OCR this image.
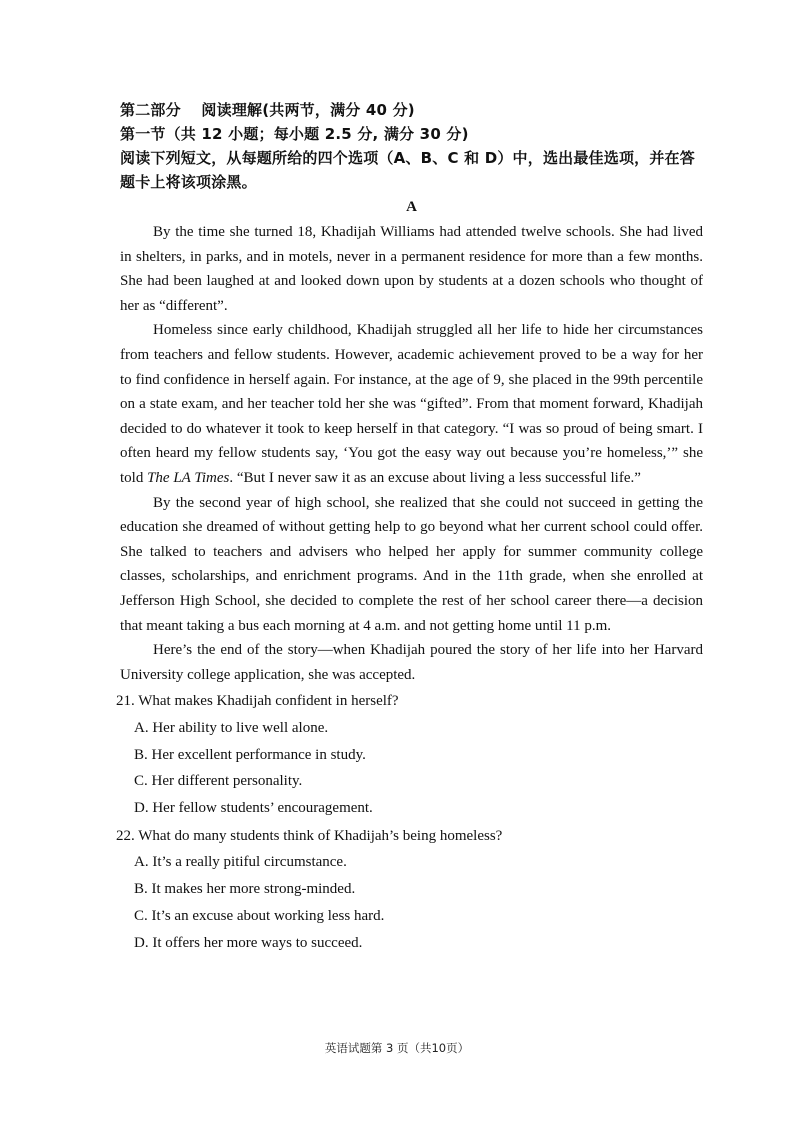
第二部分　 阅读理解(共两节，满分 40 分)

第一节（共 12 小题；每小题 2.5 分, 满分 30 分)

阅读下列短文，从每题所给的四个选项（A、B、C 和 D）中，选出最佳选项，并在答题卡上将该项涂黑。

A

By the time she turned 18, Khadijah Williams had attended twelve schools. She had lived in shelters, in parks, and in motels, never in a permanent residence for more than a few months. She had been laughed at and looked down upon by students at a dozen schools who thought of her as “different”.

Homeless since early childhood, Khadijah struggled all her life to hide her circumstances from teachers and fellow students. However, academic achievement proved to be a way for her to find confidence in herself again. For instance, at the age of 9, she placed in the 99th percentile on a state exam, and her teacher told her she was “gifted”. From that moment forward, Khadijah decided to do whatever it took to keep herself in that category. “I was so proud of being smart. I often heard my fellow students say, ‘You got the easy way out because you’re homeless,’” she told The LA Times. “But I never saw it as an excuse about living a less successful life.”

By the second year of high school, she realized that she could not succeed in getting the education she dreamed of without getting help to go beyond what her current school could offer. She talked to teachers and advisers who helped her apply for summer community college classes, scholarships, and enrichment programs. And in the 11th grade, when she enrolled at Jefferson High School, she decided to complete the rest of her school career there—a decision that meant taking a bus each morning at 4 a.m. and not getting home until 11 p.m.

Here’s the end of the story—when Khadijah poured the story of her life into her Harvard University college application, she was accepted.

21. What makes Khadijah confident in herself?

A. Her ability to live well alone.

B. Her excellent performance in study.

C. Her different personality.

D. Her fellow students’ encouragement.

22. What do many students think of Khadijah’s being homeless?

A. It’s a really pitiful circumstance.

B. It makes her more strong-minded.

C. It’s an excuse about working less hard.

D. It offers her more ways to succeed.

英语试题第 3 页（共10页）
